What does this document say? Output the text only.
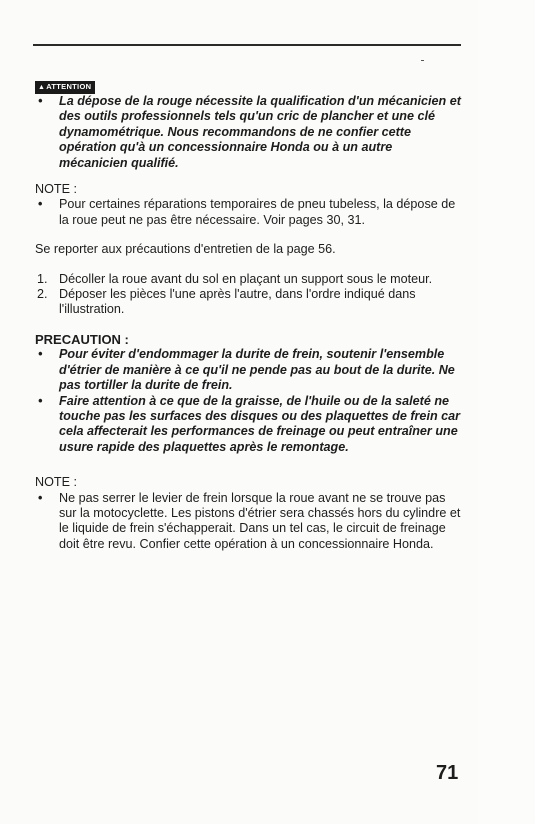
▲ATTENTION
• La dépose de la rouge nécessite la qualification d'un mécanicien et des outils professionnels tels qu'un cric de plancher et une clé dynamométrique. Nous recommandons de ne confier cette opération qu'à un concessionnaire Honda ou à un autre mécanicien qualifié.
NOTE :
• Pour certaines réparations temporaires de pneu tubeless, la dépose de la roue peut ne pas être nécessaire. Voir pages 30, 31.
Se reporter aux précautions d'entretien de la page 56.
1. Décoller la roue avant du sol en plaçant un support sous le moteur.
2. Déposer les pièces l'une après l'autre, dans l'ordre indiqué dans l'illustration.
PRECAUTION :
• Pour éviter d'endommager la durite de frein, soutenir l'ensemble d'étrier de manière à ce qu'il ne pende pas au bout de la durite. Ne pas tortiller la durite de frein.
• Faire attention à ce que de la graisse, de l'huile ou de la saleté ne touche pas les surfaces des disques ou des plaquettes de frein car cela affecterait les performances de freinage ou peut entraîner une usure rapide des plaquettes après le remontage.
NOTE :
• Ne pas serrer le levier de frein lorsque la roue avant ne se trouve pas sur la motocyclette. Les pistons d'étrier sera chassés hors du cylindre et le liquide de frein s'échapperait. Dans un tel cas, le circuit de freinage doit être revu. Confier cette opération à un concessionnaire Honda.
71
